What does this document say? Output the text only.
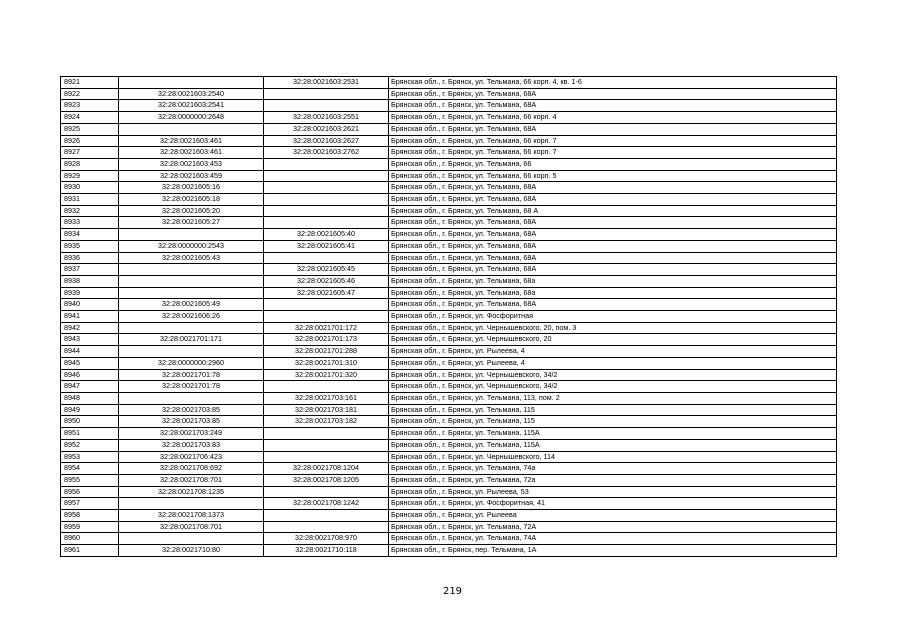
8921		32:28:0021603:2531	Брянская обл., г. Брянск, ул. Тельмана, 66 корп. 4, кв. 1-6
8922	32:28:0021603:2540		Брянская обл., г. Брянск, ул. Тельмана, 68А
8923	32:28:0021603:2541		Брянская обл., г. Брянск, ул. Тельмана, 68А
8924	32:28:0000000:2648	32:28:0021603:2551	Брянская обл., г. Брянск, ул. Тельмана, 66 корп. 4
8925		32:28:0021603:2621	Брянская обл., г. Брянск, ул. Тельмана, 68А
8926	32:28:0021603:461	32:28:0021603:2627	Брянская обл., г. Брянск, ул. Тельмана, 66 корп. 7
8927	32:28:0021603:461	32:28:0021603:2762	Брянская обл., г. Брянск, ул. Тельмана, 66 корп. 7
8928	32:28:0021603:453		Брянская обл., г. Брянск, ул. Тельмана, 66
8929	32:28:0021603:459		Брянская обл., г. Брянск, ул. Тельмана, 66 корп. 5
8930	32:28:0021605:16		Брянская обл., г. Брянск, ул. Тельмана, 68А
8931	32:28:0021605:18		Брянская обл., г. Брянск, ул. Тельмана, 68А
8932	32:28:0021605:20		Брянская обл., г. Брянск, ул. Тельмана, 68 А
8933	32:28:0021605:27		Брянская обл., г. Брянск, ул. Тельмана, 68А
8934		32:28:0021605:40	Брянская обл., г. Брянск, ул. Тельмана, 68А
8935	32:28:0000000:2543	32:28:0021605:41	Брянская обл., г. Брянск, ул. Тельмана, 68А
8936	32:28:0021605:43		Брянская обл., г. Брянск, ул. Тельмана, 68А
8937		32:28:0021605:45	Брянская обл., г. Брянск, ул. Тельмана, 68А
8938		32:28:0021605:46	Брянская обл., г. Брянск, ул. Тельмана, 68а
8939		32:28:0021605:47	Брянская обл., г. Брянск, ул. Тельмана, 68а
8940	32:28:0021605:49		Брянская обл., г. Брянск, ул. Тельмана, 68А
8941	32:28:0021606:26		Брянская обл., г. Брянск, ул. Фосфоритная
8942		32:28:0021701:172	Брянская обл., г. Брянск, ул. Чернышевского, 20, пом. 3
8943	32:28:0021701:171	32:28:0021701:173	Брянская обл., г. Брянск, ул. Чернышевского, 20
8944		32:28:0021701:288	Брянская обл., г. Брянск, ул. Рылеева, 4
8945	32:28:0000000:2960	32:28:0021701:310	Брянская обл., г. Брянск, ул. Рылеева, 4
8946	32:28:0021701:78	32:28:0021701:320	Брянская обл., г. Брянск, ул. Чернышевского, 34/2
8947	32:28:0021701:78		Брянская обл., г. Брянск, ул. Чернышевского, 34/2
8948		32:28:0021703:161	Брянская обл., г. Брянск, ул. Тельмана, 113, пом. 2
8949	32:28:0021703:85	32:28:0021703:181	Брянская обл., г. Брянск, ул. Тельмана, 115
8950	32:28:0021703:85	32:28:0021703:182	Брянская обл., г. Брянск, ул. Тельмана, 115
8951	32:28:0021703:249		Брянская обл., г. Брянск, ул. Тельмана, 115А
8952	32:28:0021703:83		Брянская обл., г. Брянск, ул. Тельмана, 115А
8953	32:28:0021706:423		Брянская обл., г. Брянск, ул. Чернышевского, 114
8954	32:28:0021708:692	32:28:0021708:1204	Брянская обл., г. Брянск, ул. Тельмана, 74а
8955	32:28:0021708:701	32:28:0021708:1205	Брянская обл., г. Брянск, ул. Тельмана, 72а
8956	32:28:0021708:1235		Брянская обл., г. Брянск, ул. Рылеева, 53
8957		32:28:0021708:1242	Брянская обл., г. Брянск, ул. Фосфоритная, 41
8958	32:28:0021708:1373		Брянская обл., г. Брянск, ул. Рылеева
8959	32:28:0021708:701		Брянская обл., г. Брянск, ул. Тельмана, 72А
8960		32:28:0021708:970	Брянская обл., г. Брянск, ул. Тельмана, 74А
8961	32:28:0021710:80	32:28:0021710:118	Брянская обл., г. Брянск, пер. Тельмана, 1А
219
